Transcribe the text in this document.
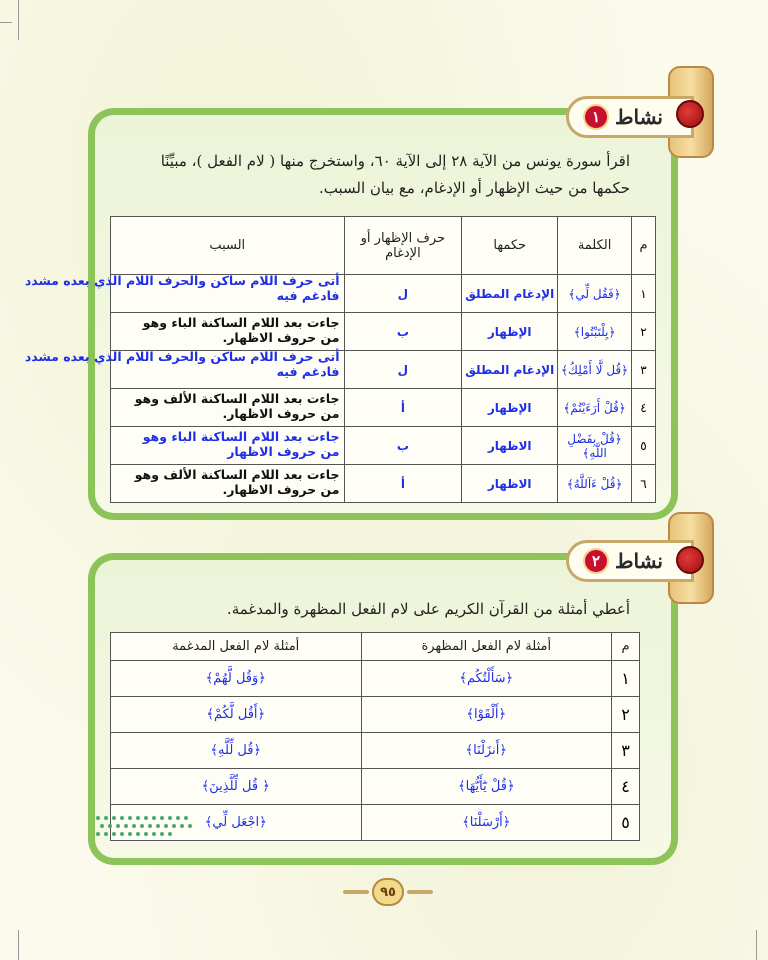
نشاط
١
اقرأ سورة يونس من الآية ٢٨ إلى الآية ٦٠، واستخرج منها ( لام الفعل )، مبيِّنًا
حكمها من حيث الإظهار أو الإدغام، مع بيان السبب.
م	الكلمة	حكمها	حرف الإظهار أو الإدغام	السبب
١	﴿فَقُل لِّي﴾	الإدغام المطلق	ل	أتى حرف اللام ساكن والحرف اللام الذي بعده مشدد فادغم فيه

٢	﴿يِلْتَبْتُوا﴾	الإظهار	ب	جاءت بعد اللام الساكنة الباء وهو من حروف الاظهار.

٣	﴿قُل لَّا أَمْلِكُ﴾	الإدغام المطلق	ل	أتى حرف اللام ساكن والحرف اللام الذي بعده مشدد فادغم فيه

٤	﴿قُلْ أَرَءَيْتُمْ﴾	الإظهار	أ	جاءت بعد اللام الساكنة الألف وهو من حروف الاظهار.

٥	﴿قُلْ بِفَضْلِ اللَّهِ﴾	الاظهار	ب	جاءت بعد اللام الساكنة الباء وهو من حروف الاظهار

٦	﴿قُلْ ءَآللَّهُ﴾	الاظهار	أ	جاءت بعد اللام الساكنة الألف وهو من حروف الاظهار.
نشاط
٢
أعطي أمثلة من القرآن الكريم على لام الفعل المظهرة والمدغمة.
م	أمثلة لام الفعل المظهرة	أمثلة لام الفعل المدغمة
١	﴿سَأَلْتُكُم﴾	﴿وَقُل لَّهُمْ﴾
٢	﴿أَلْقَوْا﴾	﴿أَقُل لَّكُمْ﴾
٣	﴿أَنزَلْنَا﴾	﴿قُل لِّلَّهِ﴾
٤	﴿قُلْ يَٰٓأَيُّهَا﴾	﴿ قُل لِّلَّذِينَ﴾
٥	﴿أَرْسَلْنَا﴾	﴿اجْعَل لِّي﴾
٩٥
